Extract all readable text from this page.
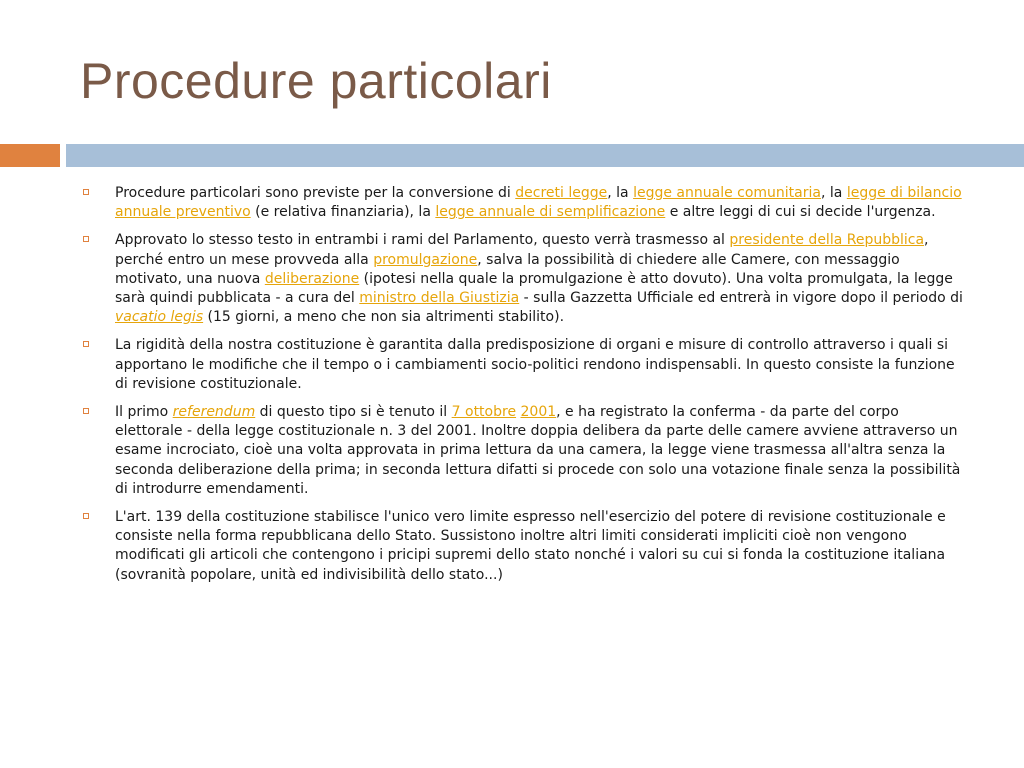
Procedure particolari
Procedure particolari sono previste per la conversione di decreti legge, la legge annuale comunitaria, la legge di bilancio annuale preventivo (e relativa finanziaria), la legge annuale di semplificazione e altre leggi di cui si decide l'urgenza.
Approvato lo stesso testo in entrambi i rami del Parlamento, questo verrà trasmesso al presidente della Repubblica, perché entro un mese provveda alla promulgazione, salva la possibilità di chiedere alle Camere, con messaggio motivato, una nuova deliberazione (ipotesi nella quale la promulgazione è atto dovuto). Una volta promulgata, la legge sarà quindi pubblicata - a cura del ministro della Giustizia - sulla Gazzetta Ufficiale ed entrerà in vigore dopo il periodo di vacatio legis (15 giorni, a meno che non sia altrimenti stabilito).
La rigidità della nostra costituzione è garantita dalla predisposizione di organi e misure di controllo attraverso i quali si apportano le modifiche che il tempo o i cambiamenti socio-politici rendono indispensabli. In questo consiste la funzione di revisione costituzionale.
Il primo referendum di questo tipo si è tenuto il 7 ottobre 2001, e ha registrato la conferma - da parte del corpo elettorale - della legge costituzionale n. 3 del 2001. Inoltre doppia delibera da parte delle camere avviene attraverso un esame incrociato, cioè una volta approvata in prima lettura da una camera, la legge viene trasmessa all'altra senza la seconda deliberazione della prima; in seconda lettura difatti si procede con solo una votazione finale senza la possibilità di introdurre emendamenti.
L'art. 139 della costituzione stabilisce l'unico vero limite espresso nell'esercizio del potere di revisione costituzionale e consiste nella forma repubblicana dello Stato. Sussistono inoltre altri limiti considerati impliciti cioè non vengono modificati gli articoli che contengono i pricipi supremi dello stato nonché i valori su cui si fonda la costituzione italiana (sovranità popolare, unità ed indivisibilità dello stato...)
